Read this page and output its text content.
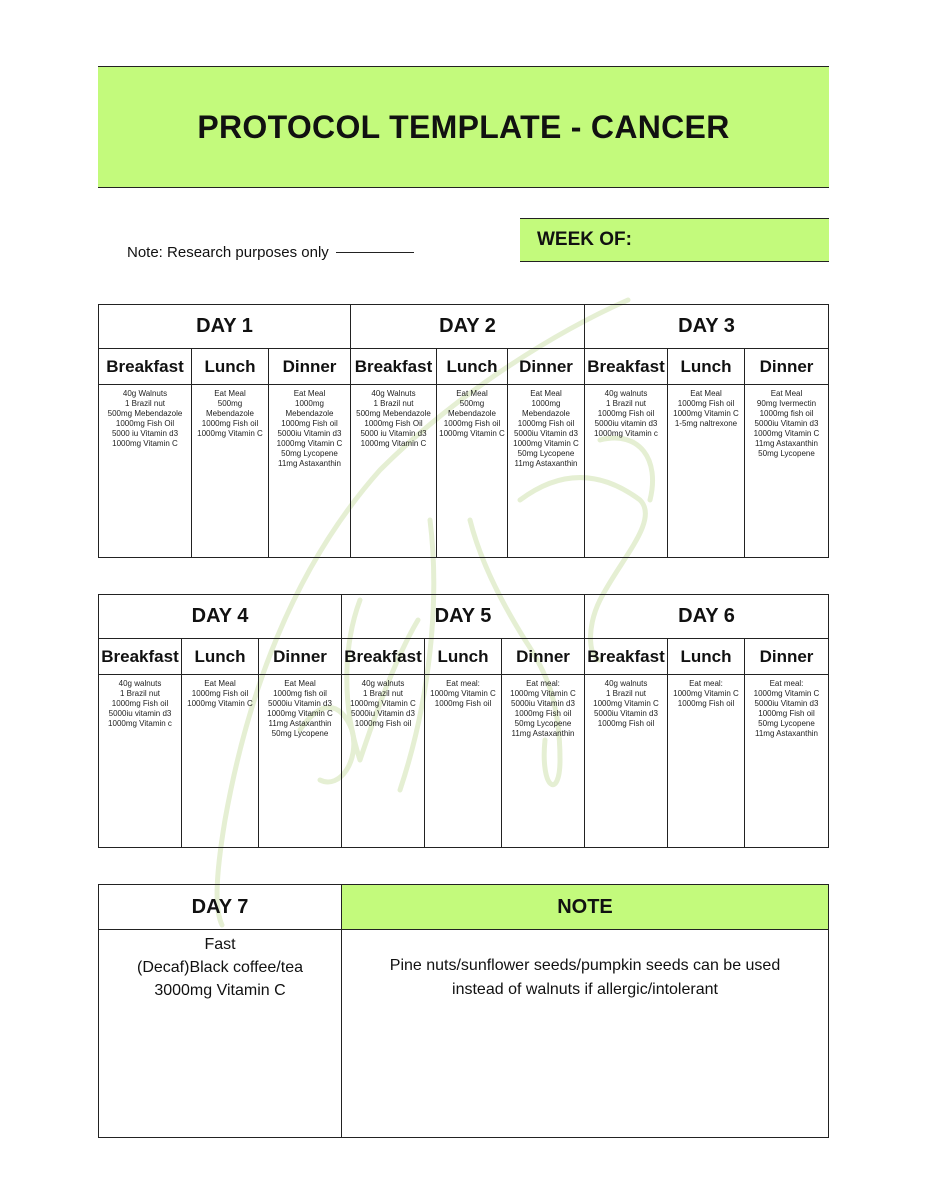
PROTOCOL TEMPLATE - CANCER
Note: Research purposes only
WEEK OF:
DAY 1
Breakfast
40g Walnuts
1 Brazil nut
500mg Mebendazole
1000mg Fish Oil
5000 iu Vitamin d3
1000mg Vitamin C
Lunch
Eat Meal
500mg
Mebendazole
1000mg Fish oil
1000mg Vitamin C
Dinner
Eat Meal
1000mg
Mebendazole
1000mg Fish oil
5000iu Vitamin d3
1000mg Vitamin C
50mg Lycopene
11mg Astaxanthin
DAY 2
Breakfast
40g Walnuts
1 Brazil nut
500mg Mebendazole
1000mg Fish Oil
5000 iu Vitamin d3
1000mg Vitamin C
Lunch
Eat Meal
500mg
Mebendazole
1000mg Fish oil
1000mg Vitamin C
Dinner
Eat Meal
1000mg
Mebendazole
1000mg Fish oil
5000iu Vitamin d3
1000mg Vitamin C
50mg Lycopene
11mg Astaxanthin
DAY 3
Breakfast
40g walnuts
1 Brazil nut
1000mg Fish oil
5000iu vitamin d3
1000mg Vitamin c
Lunch
Eat Meal
1000mg Fish oil
1000mg Vitamin C
1-5mg naltrexone
Dinner
Eat Meal
90mg Ivermectin
1000mg fish oil
5000iu Vitamin d3
1000mg Vitamin C
11mg Astaxanthin
50mg Lycopene
DAY 4
Breakfast
40g walnuts
1 Brazil nut
1000mg Fish oil
5000iu vitamin d3
1000mg Vitamin c
Lunch
Eat Meal
1000mg Fish oil
1000mg Vitamin C
Dinner
Eat Meal
1000mg fish oil
5000iu Vitamin d3
1000mg Vitamin C
11mg Astaxanthin
50mg Lycopene
DAY 5
Breakfast
40g walnuts
1 Brazil nut
1000mg Vitamin C
5000iu Vitamin d3
1000mg Fish oil
Lunch
Eat meal:
1000mg Vitamin C
1000mg Fish oil
Dinner
Eat meal:
1000mg Vitamin C
5000iu Vitamin d3
1000mg Fish oil
50mg Lycopene
11mg Astaxanthin
DAY 6
Breakfast
40g walnuts
1 Brazil nut
1000mg Vitamin C
5000iu Vitamin d3
1000mg Fish oil
Lunch
Eat meal:
1000mg Vitamin C
1000mg Fish oil
Dinner
Eat meal:
1000mg Vitamin C
5000iu Vitamin d3
1000mg Fish oil
50mg Lycopene
11mg Astaxanthin
DAY 7
Fast
(Decaf)Black coffee/tea
3000mg Vitamin C
NOTE
Pine nuts/sunflower seeds/pumpkin seeds can be used
instead of walnuts if allergic/intolerant
